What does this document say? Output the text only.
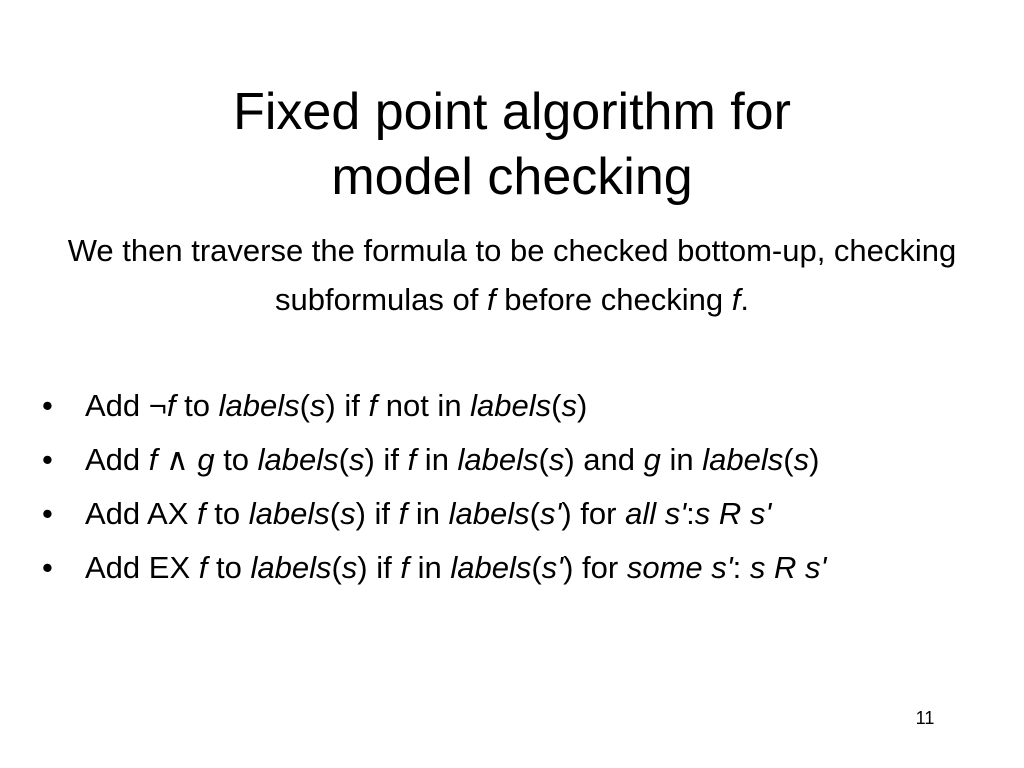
Fixed point algorithm for
model checking

We then traverse the formula to be checked bottom-up, checking subformulas of f before checking f.

•	Add ¬f to labels(s) if f not in labels(s)
•	Add f ∧ g to labels(s) if f in labels(s) and g in labels(s)
•	Add AX f to labels(s) if f in labels(s') for all s':s R s'
•	Add EX f to labels(s) if f in labels(s') for some s': s R s'
11
